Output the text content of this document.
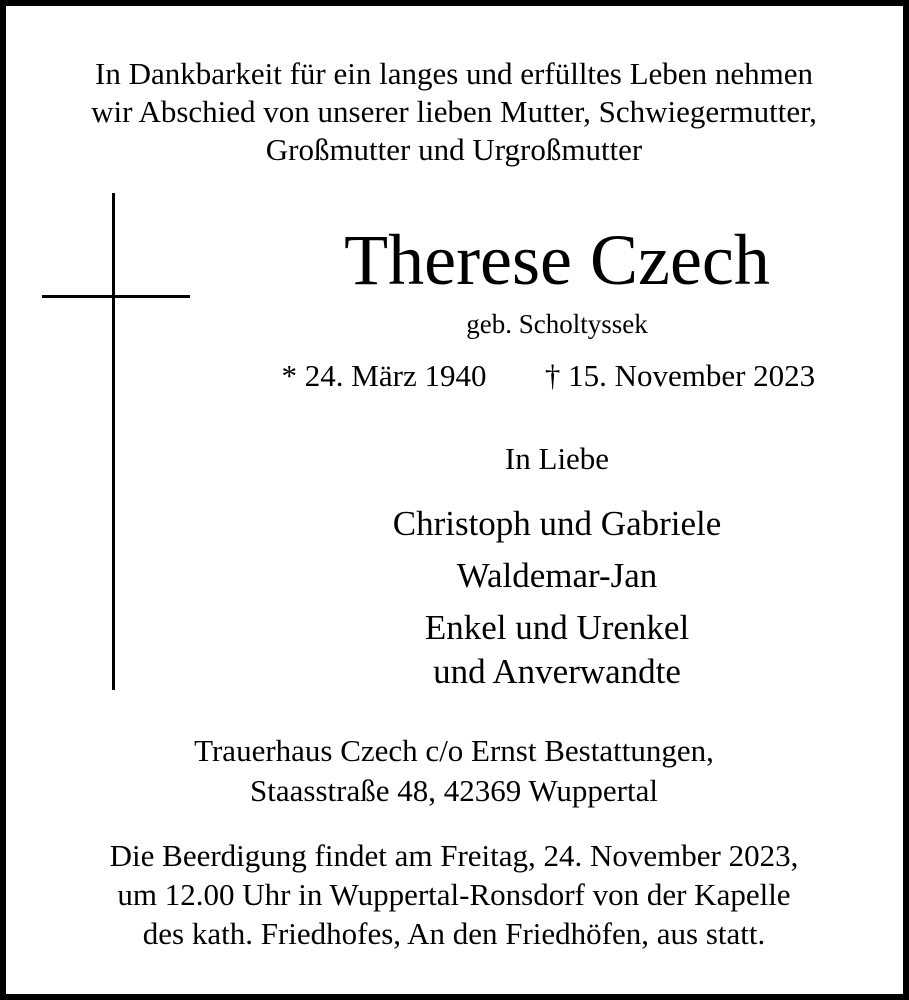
In Dankbarkeit für ein langes und erfülltes Leben nehmen
wir Abschied von unserer lieben Mutter, Schwiegermutter,
Großmutter und Urgroßmutter
Therese Czech
geb. Scholtyssek
* 24. März 1940 † 15. November 2023
In Liebe
Christoph und Gabriele
Waldemar-Jan
Enkel und Urenkel
und Anverwandte
Trauerhaus Czech c/o Ernst Bestattungen,
Staasstraße 48, 42369 Wuppertal
Die Beerdigung findet am Freitag, 24. November 2023,
um 12.00 Uhr in Wuppertal-Ronsdorf von der Kapelle
des kath. Friedhofes, An den Friedhöfen, aus statt.
